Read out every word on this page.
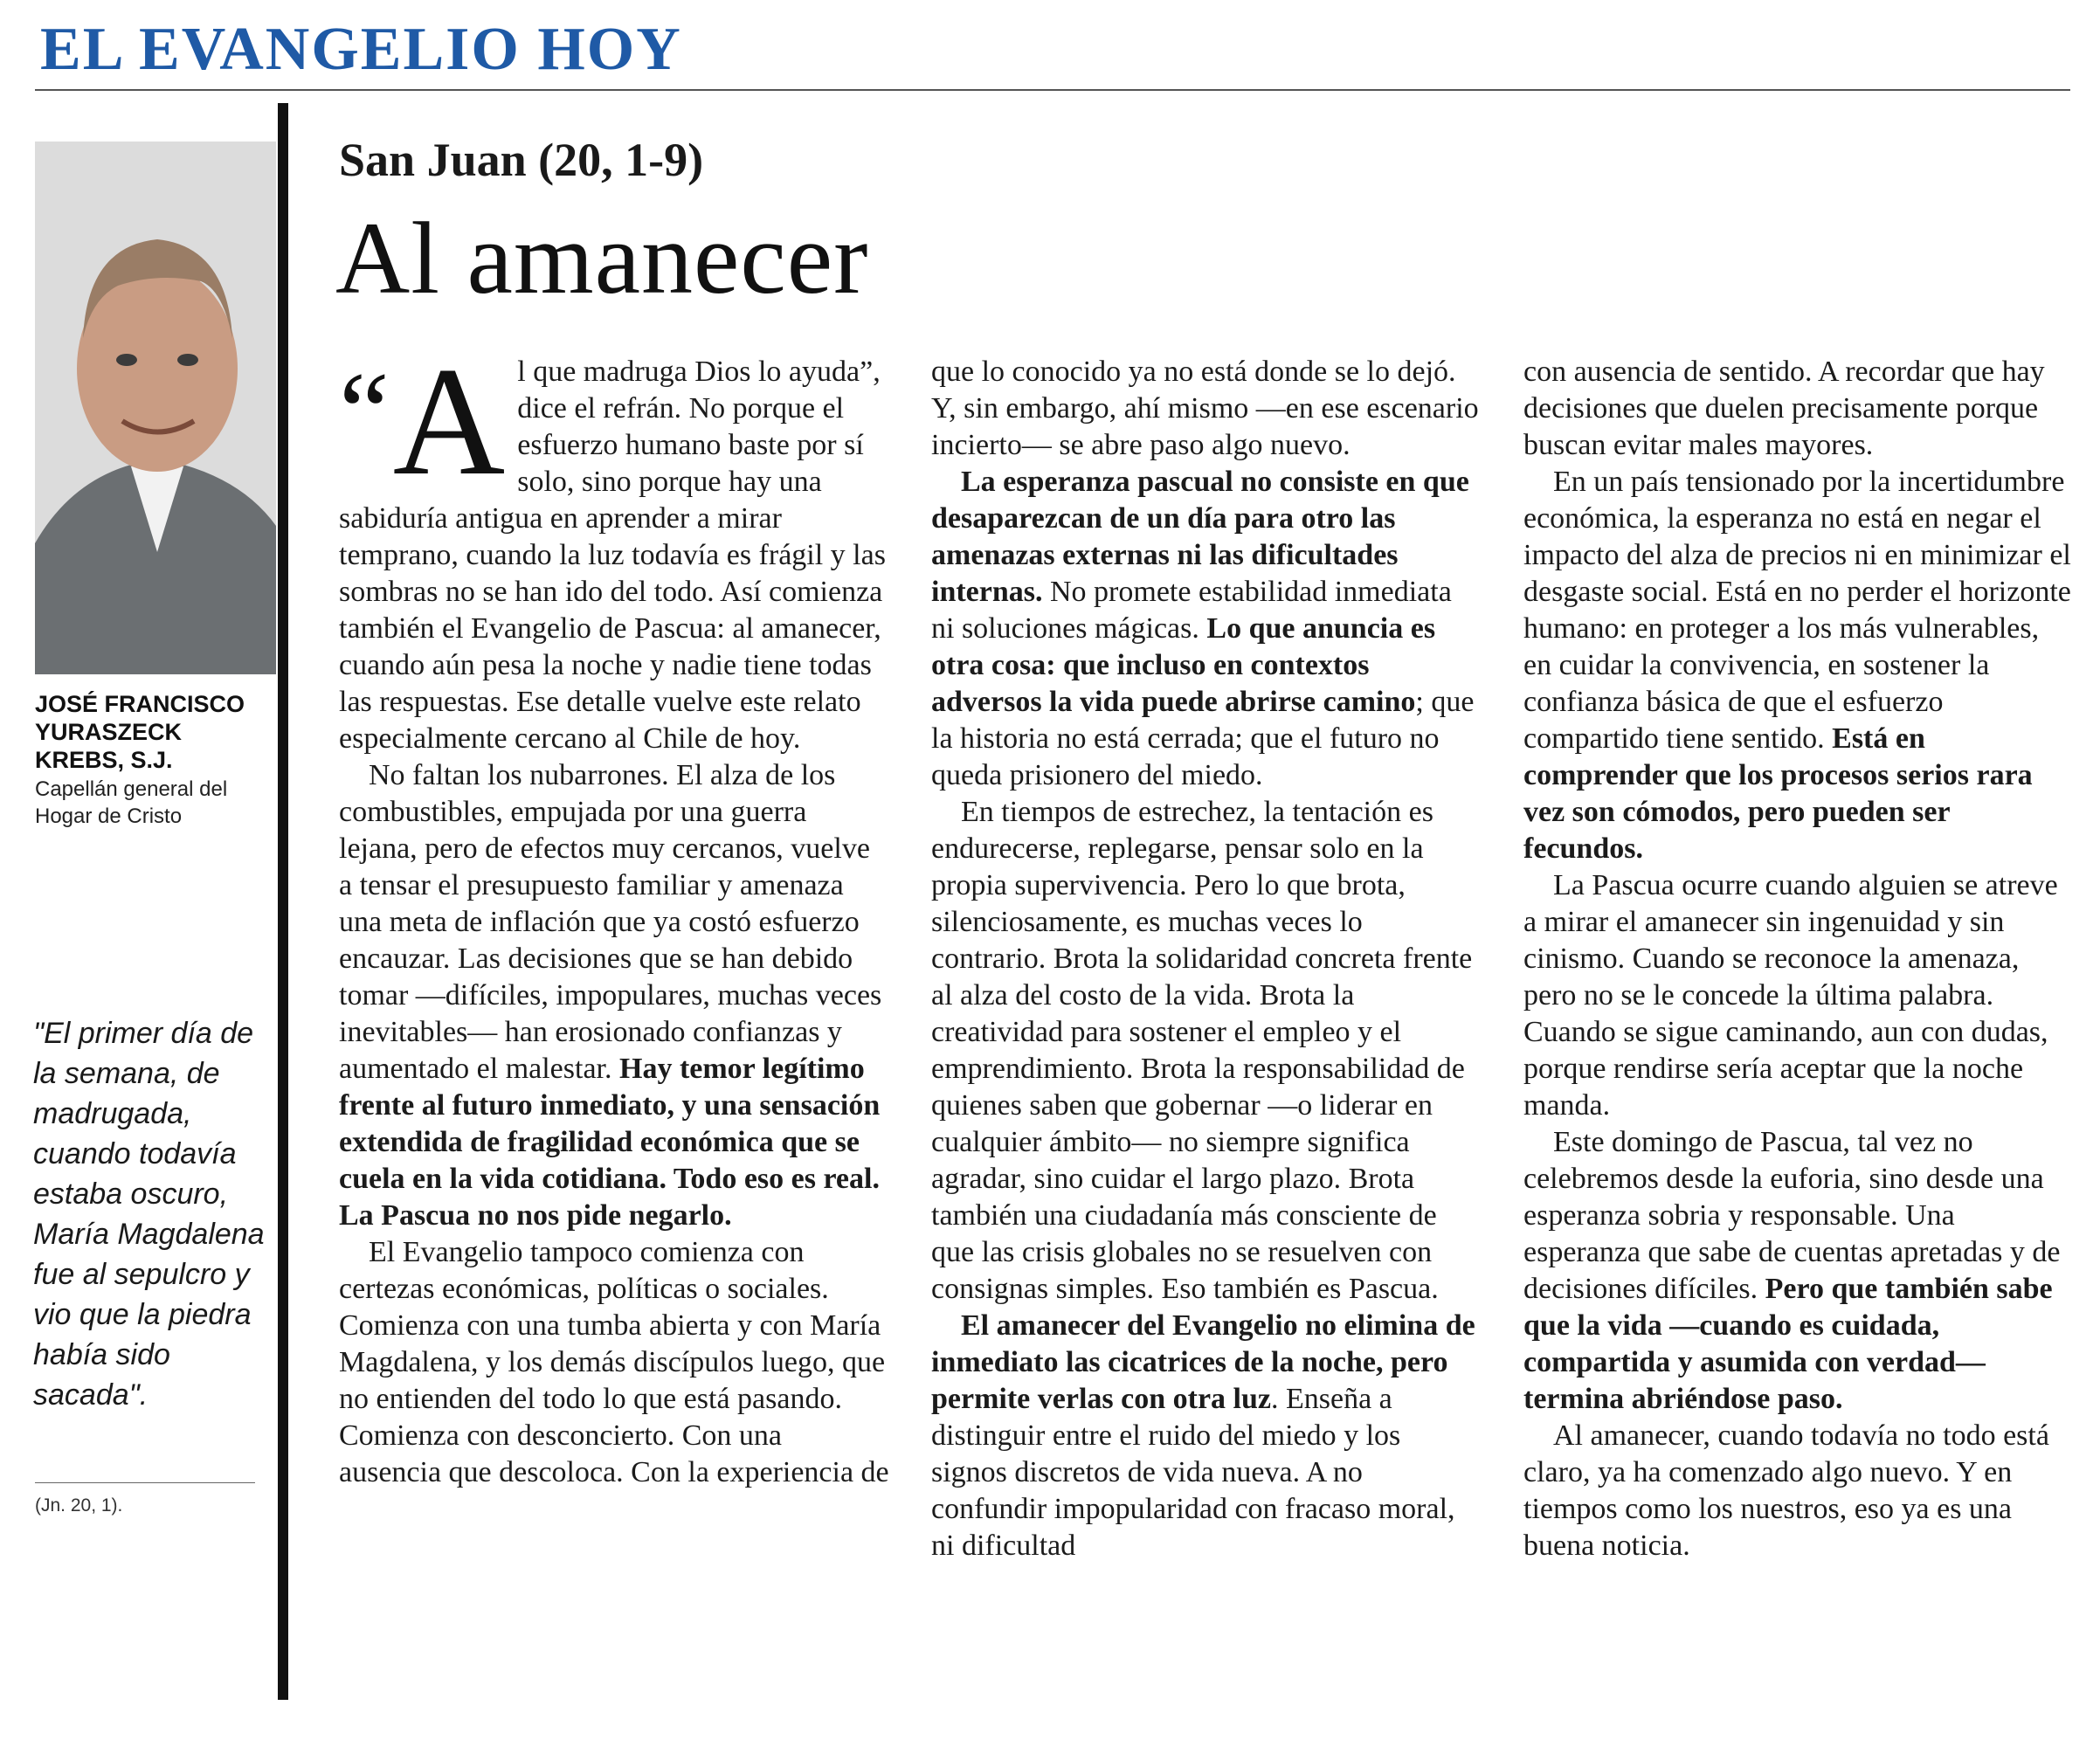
EL EVANGELIO HOY

JOSÉ FRANCISCO
YURASZECK
KREBS, S.J.

Capellán general del
Hogar de Cristo

"El primer día de la semana, de madrugada, cuando todavía estaba oscuro, María Magdalena fue al sepulcro y vio que la piedra había sido sacada".

(Jn. 20, 1).

San Juan (20, 1-9)
Al amanecer

“A l que madruga Dios lo ayuda”, dice el refrán. No porque el esfuerzo humano baste por sí solo, sino porque hay una sabiduría antigua en aprender a mirar temprano, cuando la luz todavía es frágil y las sombras no se han ido del todo. Así comienza también el Evangelio de Pascua: al amanecer, cuando aún pesa la noche y nadie tiene todas las respuestas. Ese detalle vuelve este relato especialmente cercano al Chile de hoy.

No faltan los nubarrones. El alza de los combustibles, empujada por una guerra lejana, pero de efectos muy cercanos, vuelve a tensar el presupuesto familiar y amenaza una meta de inflación que ya costó esfuerzo encauzar. Las decisiones que se han debido tomar —difíciles, impopulares, muchas veces inevitables— han erosionado confianzas y aumentado el malestar. Hay temor legítimo frente al futuro inmediato, y una sensación extendida de fragilidad económica que se cuela en la vida cotidiana. Todo eso es real. La Pascua no nos pide negarlo.

El Evangelio tampoco comienza con certezas económicas, políticas o sociales. Comienza con una tumba abierta y con María Magdalena, y los demás discípulos luego, que no entienden del todo lo que está pasando. Comienza con desconcierto. Con una ausencia que descoloca. Con la experiencia de

que lo conocido ya no está donde se lo dejó. Y, sin embargo, ahí mismo —en ese escenario incierto— se abre paso algo nuevo.

La esperanza pascual no consiste en que desaparezcan de un día para otro las amenazas externas ni las dificultades internas. No promete estabilidad inmediata ni soluciones mágicas. Lo que anuncia es otra cosa: que incluso en contextos adversos la vida puede abrirse camino; que la historia no está cerrada; que el futuro no queda prisionero del miedo.

En tiempos de estrechez, la tentación es endurecerse, replegarse, pensar solo en la propia supervivencia. Pero lo que brota, silenciosamente, es muchas veces lo contrario. Brota la solidaridad concreta frente al alza del costo de la vida. Brota la creatividad para sostener el empleo y el emprendimiento. Brota la responsabilidad de quienes saben que gobernar —o liderar en cualquier ámbito— no siempre significa agradar, sino cuidar el largo plazo. Brota también una ciudadanía más consciente de que las crisis globales no se resuelven con consignas simples. Eso también es Pascua.

El amanecer del Evangelio no elimina de inmediato las cicatrices de la noche, pero permite verlas con otra luz. Enseña a distinguir entre el ruido del miedo y los signos discretos de vida nueva. A no confundir impopularidad con fracaso moral, ni dificultad

con ausencia de sentido. A recordar que hay decisiones que duelen precisamente porque buscan evitar males mayores.

En un país tensionado por la incertidumbre económica, la esperanza no está en negar el impacto del alza de precios ni en minimizar el desgaste social. Está en no perder el horizonte humano: en proteger a los más vulnerables, en cuidar la convivencia, en sostener la confianza básica de que el esfuerzo compartido tiene sentido. Está en comprender que los procesos serios rara vez son cómodos, pero pueden ser fecundos.

La Pascua ocurre cuando alguien se atreve a mirar el amanecer sin ingenuidad y sin cinismo. Cuando se reconoce la amenaza, pero no se le concede la última palabra. Cuando se sigue caminando, aun con dudas, porque rendirse sería aceptar que la noche manda.

Este domingo de Pascua, tal vez no celebremos desde la euforia, sino desde una esperanza sobria y responsable. Una esperanza que sabe de cuentas apretadas y de decisiones difíciles. Pero que también sabe que la vida —cuando es cuidada, compartida y asumida con verdad— termina abriéndose paso.

Al amanecer, cuando todavía no todo está claro, ya ha comenzado algo nuevo. Y en tiempos como los nuestros, eso ya es una buena noticia.
